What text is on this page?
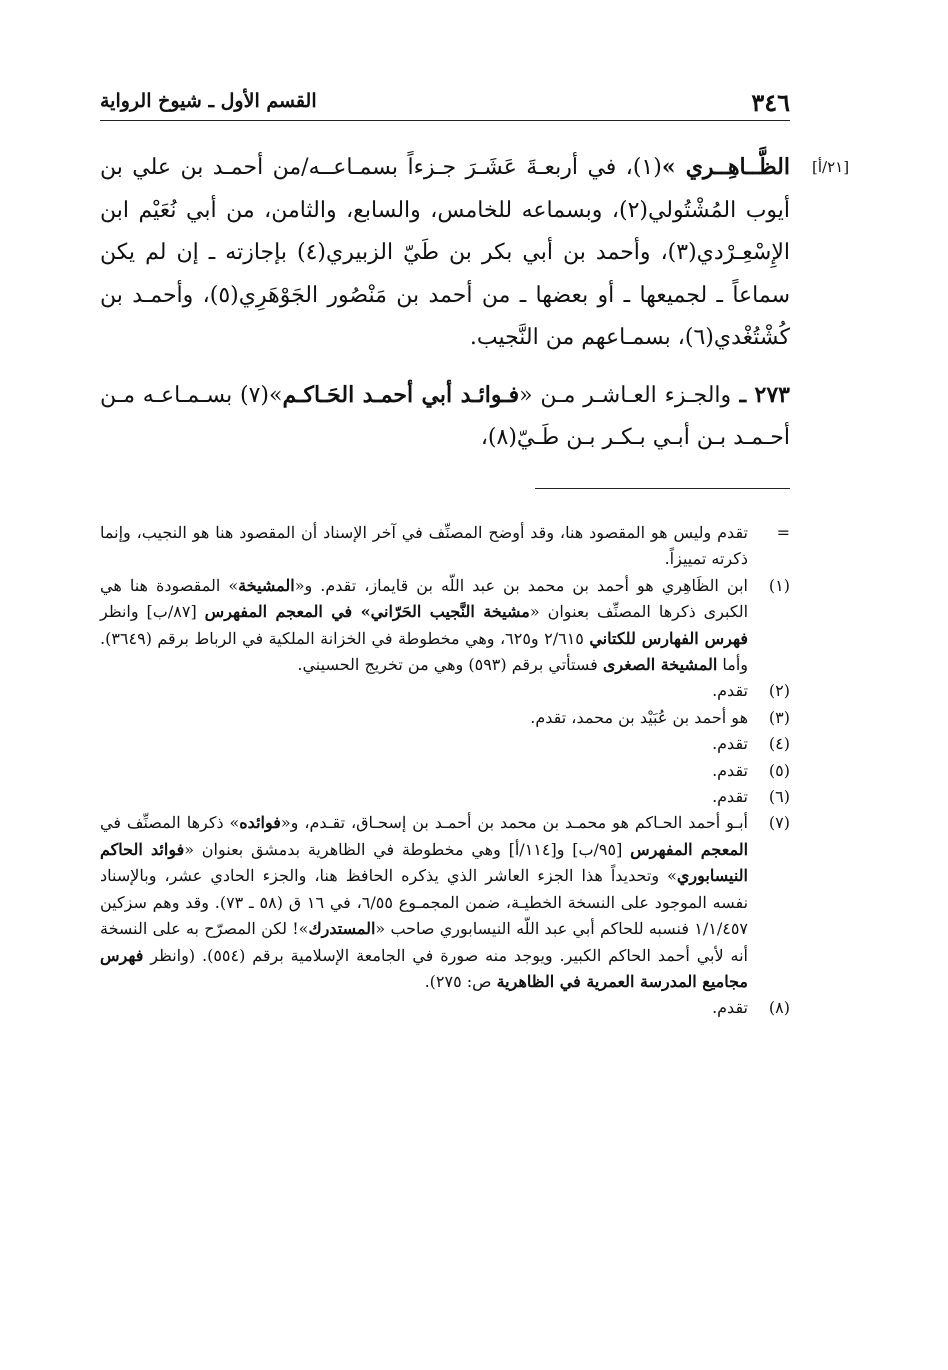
٣٤٦
القسم الأول ـ شيوخ الرواية
[٢١/أ]

الظَّــاهِــري »(١)، في أربعـةَ عَشَـرَ جـزءاً بسمـاعــه/من أحمـد بن علي بن أيوب المُشْتُولي(٢)، وبسماعه للخامس، والسابع، والثامن، من أبي نُعَيْم ابن الإِسْعِـرْدي(٣)، وأحمد بن أبي بكر بن طَيّ الزبيري(٤) بإجازته ـ إن لم يكن سماعاً ـ لجميعها ـ أو بعضها ـ من أحمد بن مَنْصُور الجَوْهَرِي(٥)، وأحمـد بن كُشْتُغْدي(٦)، بسمـاعهم من النَّجيب.

٢٧٣ ـ والجـزء العـاشـر مـن «فـوائـد أبي أحمـد الحَـاكـم»(٧) بسـمـاعـه مـن أحـمـد بـن أبـي بـكـر بـن طَـيّ(٨)،

=
تقدم وليس هو المقصود هنا، وقد أوضح المصنِّف في آخر الإسناد أن المقصود هنا هو النجيب، وإنما ذكرته تمييزاً.
(١)
ابن الظَاهِري هو أحمد بن محمد بن عبد اللّه بن قايماز، تقدم. و«المشيخة» المقصودة هنا هي الكبرى ذكرها المصنِّف بعنوان «مشيخة النَّجيب الحَرّاني» في المعجم المفهرس [٨٧/ب] وانظر فهرس الفهارس للكتاني ٢/٦١٥ و٦٢٥، وهي مخطوطة في الخزانة الملكية في الرباط برقم (٣٦٤٩). وأما المشيخة الصغرى فستأتي برقم (٥٩٣) وهي من تخريج الحسيني.
(٢)
تقدم.
(٣)
هو أحمد بن عُبَيْد بن محمد، تقدم.
(٤)
تقدم.
(٥)
تقدم.
(٦)
تقدم.
(٧)
أبـو أحمد الحـاكم هو محمـد بن محمد بن أحمـد بن إسحـاق، تقـدم، و«فوائده» ذكرها المصنِّف في المعجم المفهرس [٩٥/ب] و[١١٤/أ] وهي مخطوطة في الظاهرية بدمشق بعنوان «فوائد الحاكم النيسابوري» وتحديداً هذا الجزء العاشر الذي يذكره الحافظ هنا، والجزء الحادي عشر، وبالإسناد نفسه الموجود على النسخة الخطيـة، ضمن المجمـوع ٦/٥٥، في ١٦ ق (٥٨ ـ ٧٣). وقد وهم سزكين ١/١/٤٥٧ فنسبه للحاكم أبي عبد اللّه النيسابوري صاحب «المستدرك»! لكن المصرّح به على النسخة أنه لأبي أحمد الحاكم الكبير. ويوجد منه صورة في الجامعة الإسلامية برقم (٥٥٤). (وانظر فهرس مجاميع المدرسة العمرية في الظاهرية ص: ٢٧٥).
(٨)
تقدم.
